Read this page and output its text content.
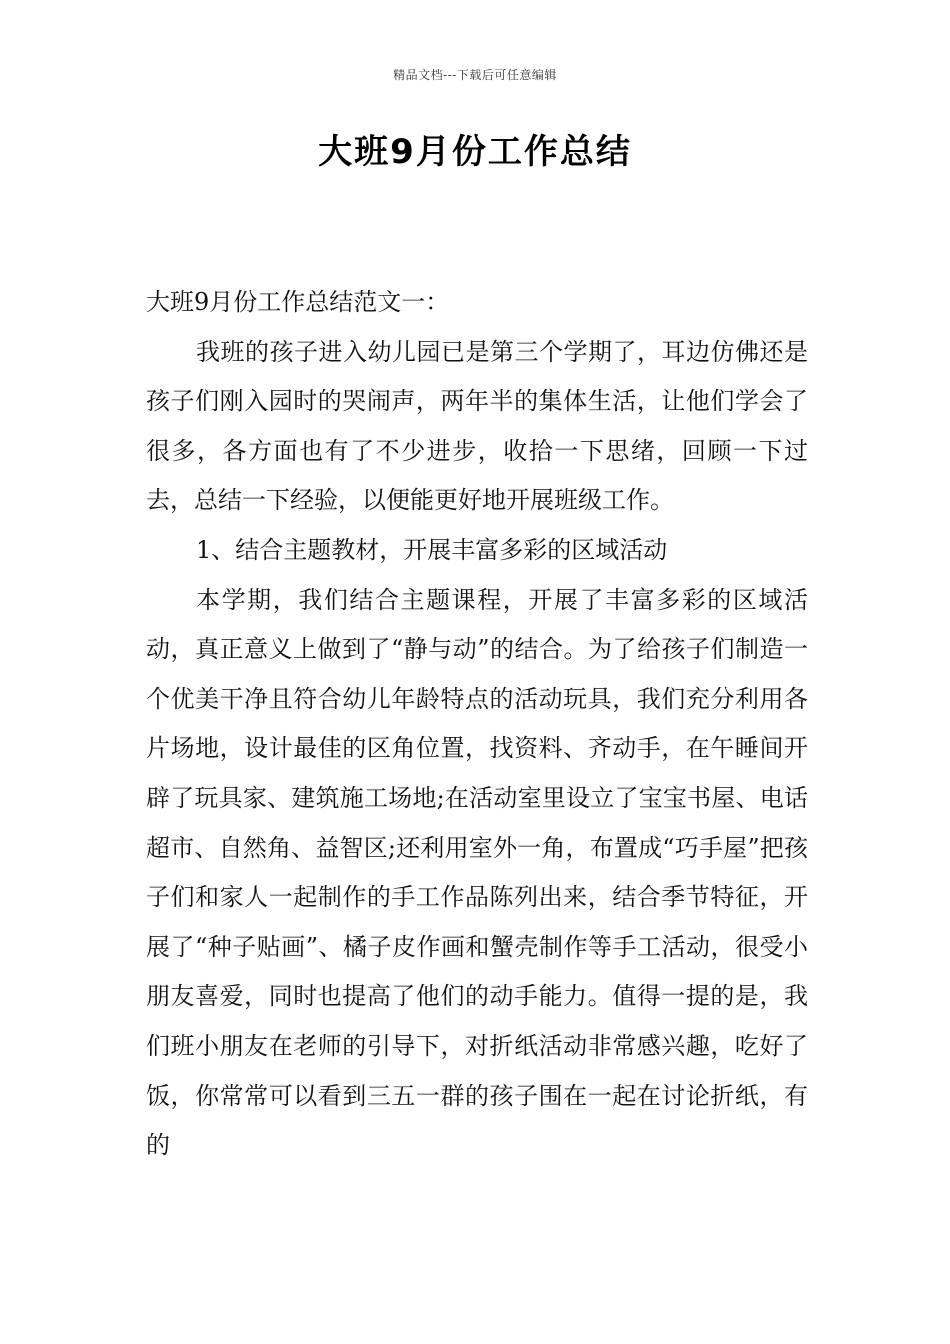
精品文档---下载后可任意编辑
大班9月份工作总结

大班9月份工作总结范文一：

我班的孩子进入幼儿园已是第三个学期了，耳边仿佛还是孩子们刚入园时的哭闹声，两年半的集体生活，让他们学会了很多，各方面也有了不少进步，收拾一下思绪，回顾一下过去，总结一下经验，以便能更好地开展班级工作。

1、结合主题教材，开展丰富多彩的区域活动

本学期，我们结合主题课程，开展了丰富多彩的区域活动，真正意义上做到了“静与动”的结合。为了给孩子们制造一个优美干净且符合幼儿年龄特点的活动玩具，我们充分利用各片场地，设计最佳的区角位置，找资料、齐动手，在午睡间开辟了玩具家、建筑施工场地;在活动室里设立了宝宝书屋、电话超市、自然角、益智区;还利用室外一角，布置成“巧手屋”把孩子们和家人一起制作的手工作品陈列出来，结合季节特征，开展了“种子贴画”、橘子皮作画和蟹壳制作等手工活动，很受小朋友喜爱，同时也提高了他们的动手能力。值得一提的是，我们班小朋友在老师的引导下，对折纸活动非常感兴趣，吃好了饭，你常常可以看到三五一群的孩子围在一起在讨论折纸，有的
